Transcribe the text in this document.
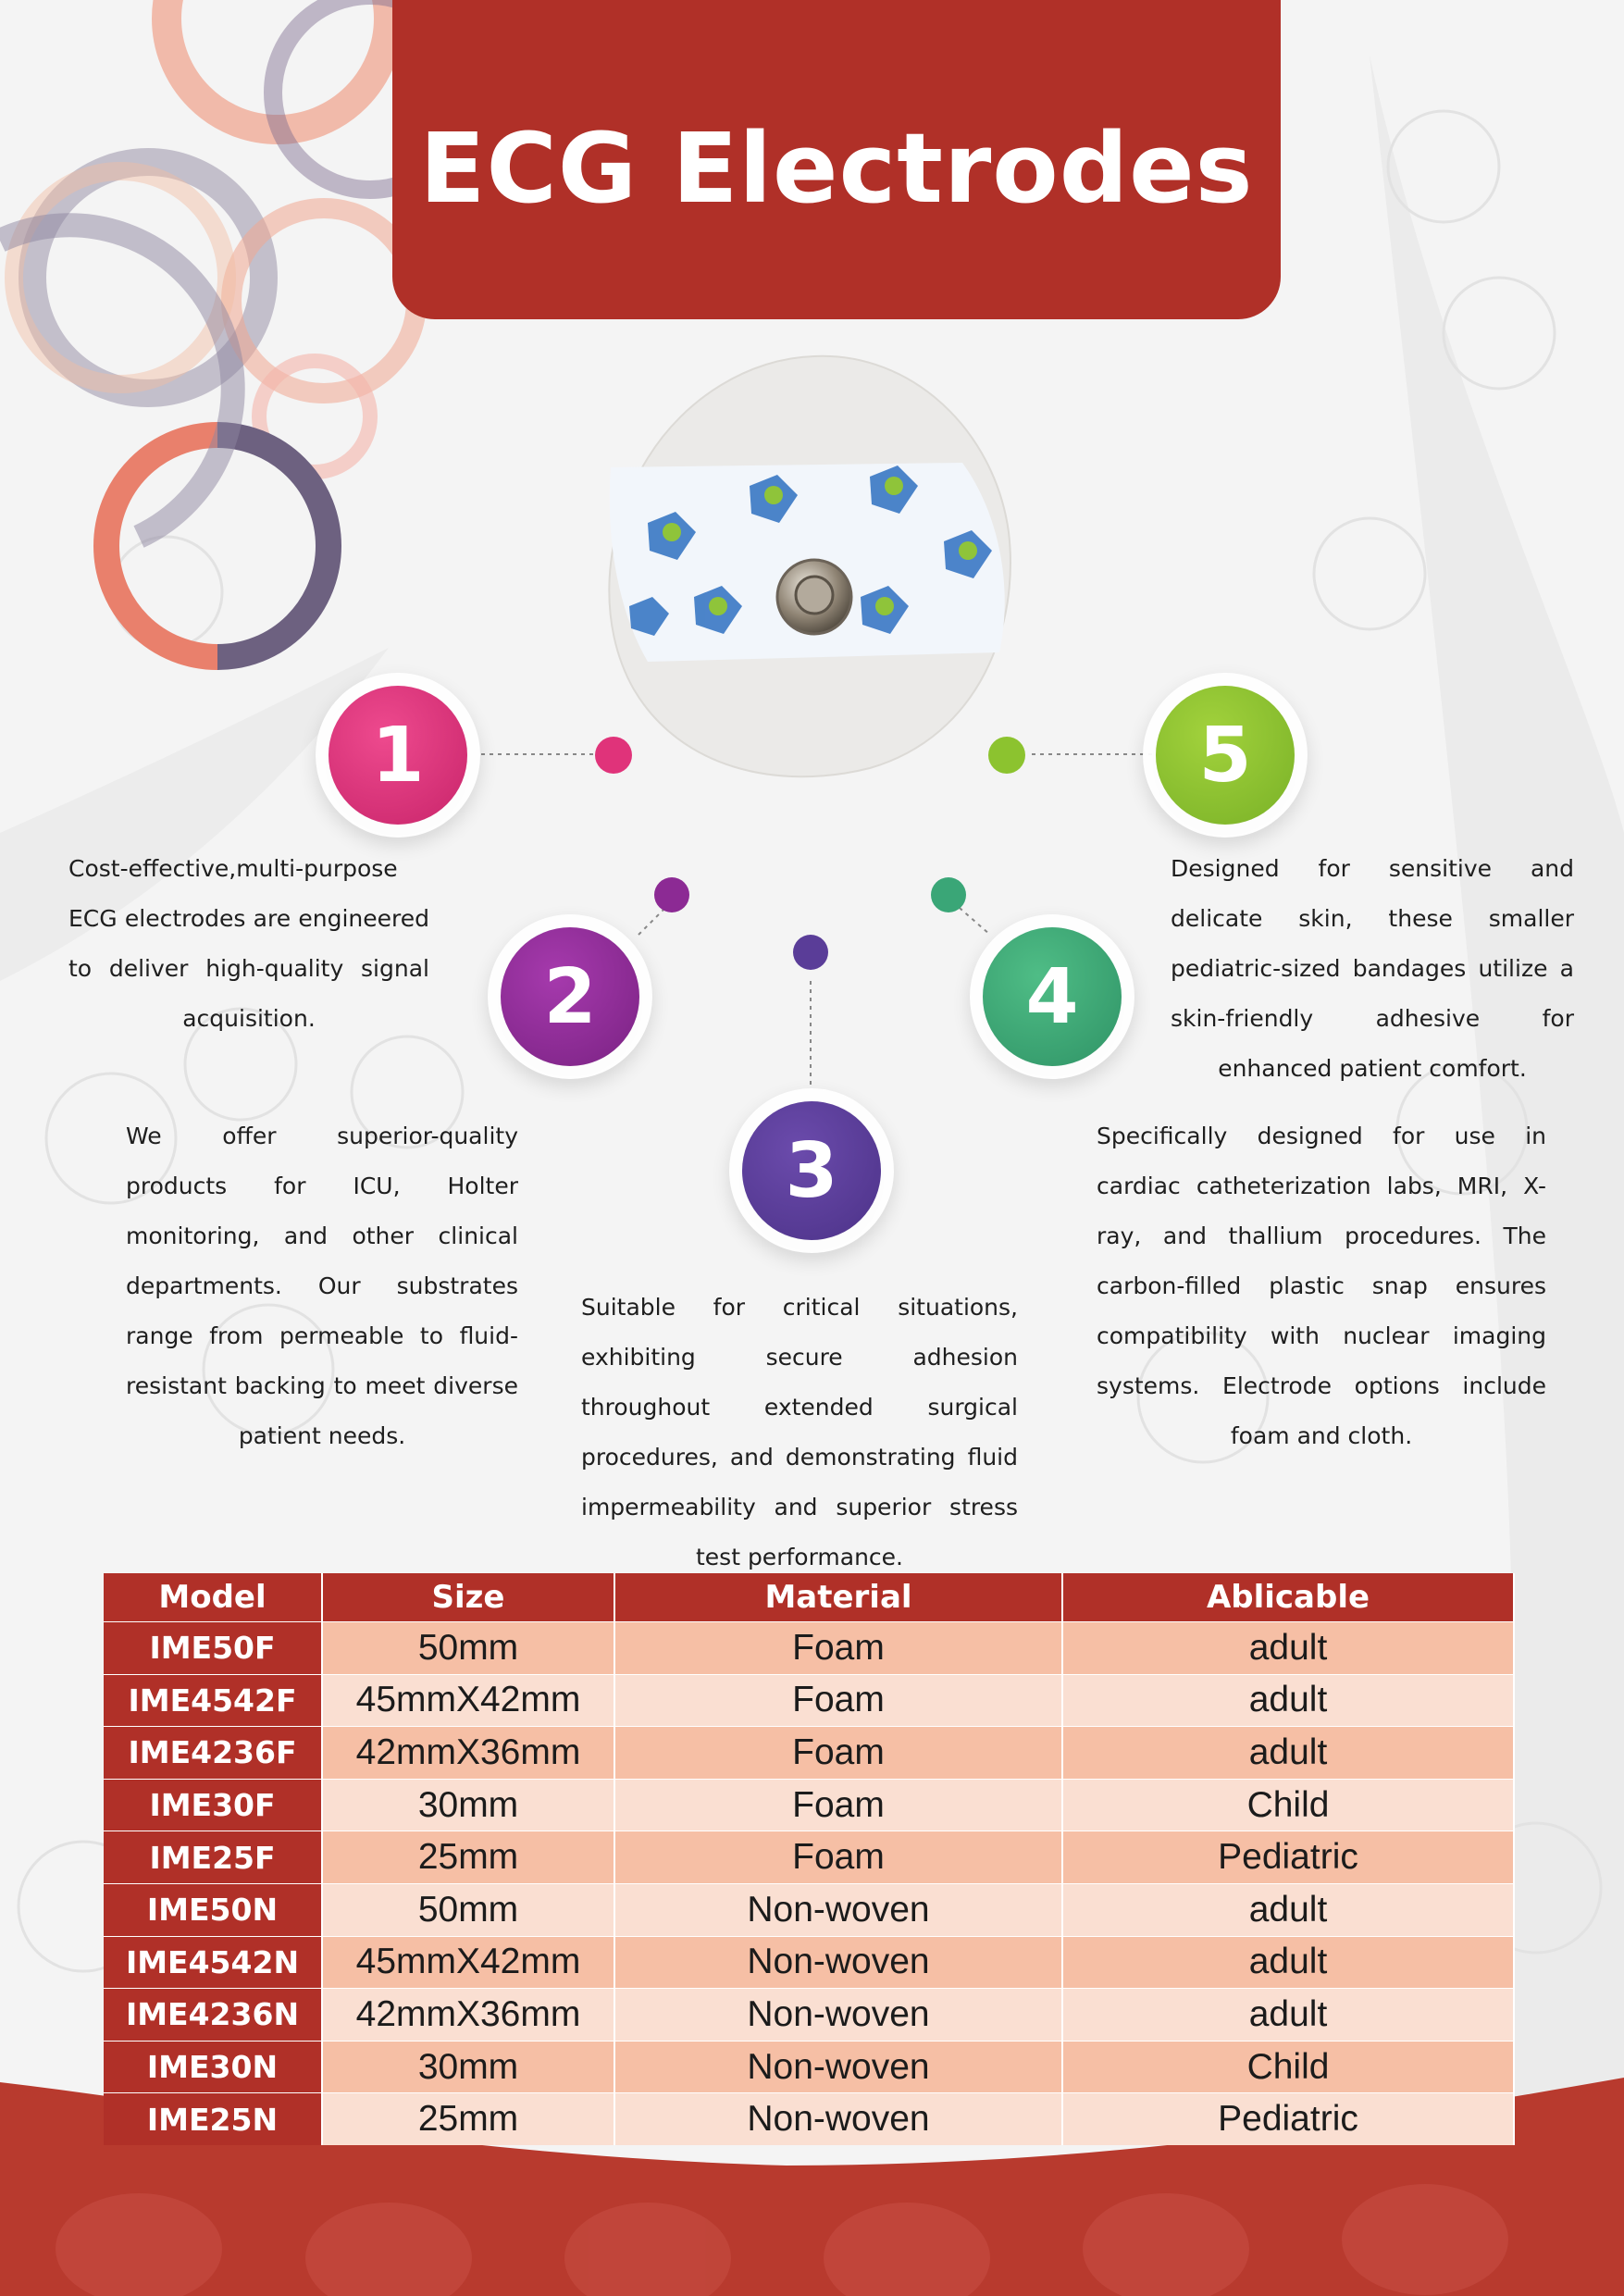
ECG Electrodes
1
2
3
4
5

Cost-effective,multi-purpose ECG electrodes are engineered to deliver high-quality signal acquisition.

We offer superior-quality products for ICU, Holter monitoring, and other clinical departments. Our substrates range from permeable to fluid-resistant backing to meet diverse patient needs.

Suitable for critical situations, exhibiting secure adhesion throughout extended surgical procedures, and demonstrating fluid impermeability and superior stress test performance.

Specifically designed for use in cardiac catheterization labs, MRI, X-ray, and thallium procedures. The carbon-filled plastic snap ensures compatibility with nuclear imaging systems. Electrode options include foam and cloth.

Designed for sensitive and delicate skin, these smaller pediatric-sized bandages utilize a skin-friendly adhesive for enhanced patient comfort.

Model	Size	Material	Ablicable
IME50F	50mm	Foam	adult
IME4542F	45mmX42mm	Foam	adult
IME4236F	42mmX36mm	Foam	adult
IME30F	30mm	Foam	Child
IME25F	25mm	Foam	Pediatric
IME50N	50mm	Non-woven	adult
IME4542N	45mmX42mm	Non-woven	adult
IME4236N	42mmX36mm	Non-woven	adult
IME30N	30mm	Non-woven	Child
IME25N	25mm	Non-woven	Pediatric
